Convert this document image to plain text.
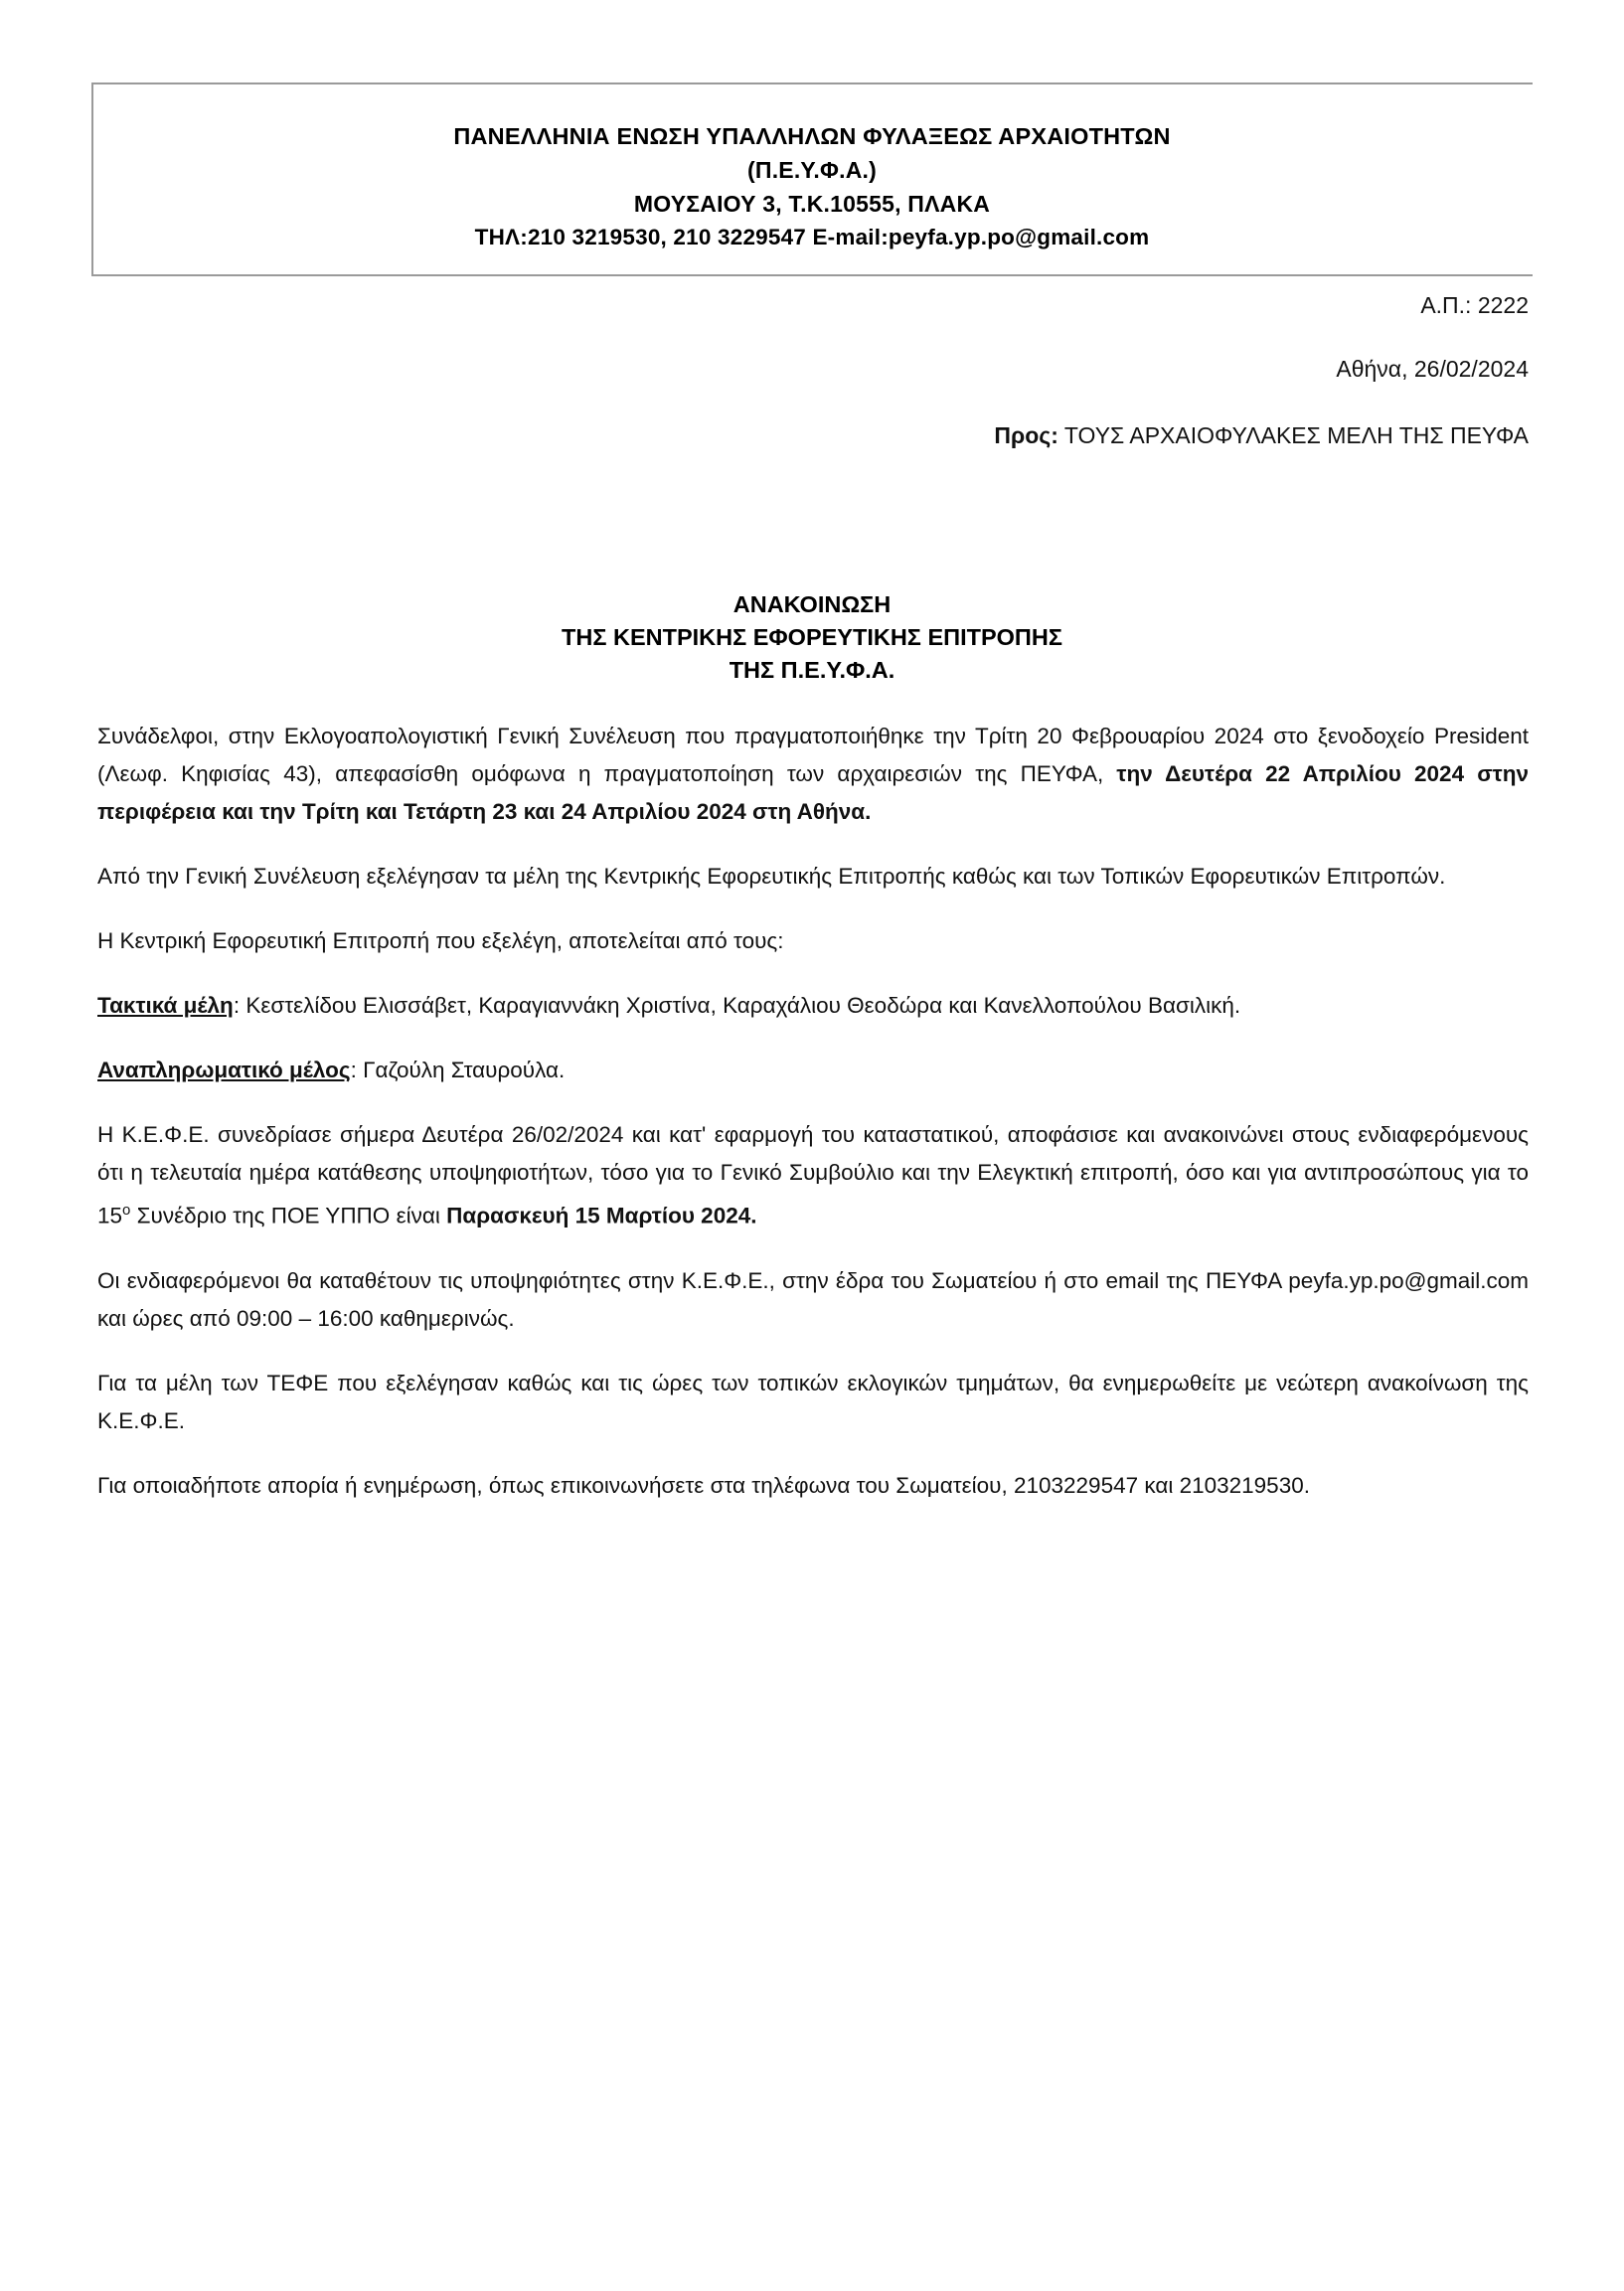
ΠΑΝΕΛΛΗΝΙΑ ΕΝΩΣΗ ΥΠΑΛΛΗΛΩΝ ΦΥΛΑΞΕΩΣ ΑΡΧΑΙΟΤΗΤΩΝ
(Π.Ε.Υ.Φ.Α.)
ΜΟΥΣΑΙΟΥ 3, Τ.Κ.10555, ΠΛΑΚΑ
ΤΗΛ:210 3219530, 210 3229547 E-mail:peyfa.yp.po@gmail.com
Α.Π.: 2222
Αθήνα, 26/02/2024
Προς: ΤΟΥΣ ΑΡΧΑΙΟΦΥΛΑΚΕΣ ΜΕΛΗ ΤΗΣ ΠΕΥΦΑ
ΑΝΑΚΟΙΝΩΣΗ
ΤΗΣ ΚΕΝΤΡΙΚΗΣ ΕΦΟΡΕΥΤΙΚΗΣ ΕΠΙΤΡΟΠΗΣ
ΤΗΣ Π.Ε.Υ.Φ.Α.

Συνάδελφοι, στην Εκλογοαπολογιστική Γενική Συνέλευση που πραγματοποιήθηκε την Τρίτη 20 Φεβρουαρίου 2024 στο ξενοδοχείο President (Λεωφ. Κηφισίας 43), απεφασίσθη ομόφωνα η πραγματοποίηση των αρχαιρεσιών της ΠΕΥΦΑ, την Δευτέρα 22 Απριλίου 2024 στην περιφέρεια και την Τρίτη και Τετάρτη 23 και 24 Απριλίου 2024 στη Αθήνα.

Από την Γενική Συνέλευση εξελέγησαν τα μέλη της Κεντρικής Εφορευτικής Επιτροπής καθώς και των Τοπικών Εφορευτικών Επιτροπών.

Η Κεντρική Εφορευτική Επιτροπή που εξελέγη, αποτελείται από τους:

Τακτικά μέλη: Κεστελίδου Ελισσάβετ, Καραγιαννάκη Χριστίνα, Καραχάλιου Θεοδώρα και Κανελλοπούλου Βασιλική.

Αναπληρωματικό μέλος: Γαζούλη Σταυρούλα.

Η Κ.Ε.Φ.Ε. συνεδρίασε σήμερα Δευτέρα 26/02/2024 και κατ' εφαρμογή του καταστατικού, αποφάσισε και ανακοινώνει στους ενδιαφερόμενους ότι η τελευταία ημέρα κατάθεσης υποψηφιοτήτων, τόσο για το Γενικό Συμβούλιο και την Ελεγκτική επιτροπή, όσο και για αντιπροσώπους για το $15^o$ Συνέδριο της ΠΟΕ ΥΠΠΟ είναι Παρασκευή 15 Μαρτίου 2024.

Οι ενδιαφερόμενοι θα καταθέτουν τις υποψηφιότητες στην Κ.Ε.Φ.Ε., στην έδρα του Σωματείου ή στο email της ΠΕΥΦΑ peyfa.yp.po@gmail.com και ώρες από 09:00 – 16:00 καθημερινώς.

Για τα μέλη των ΤΕΦΕ που εξελέγησαν καθώς και τις ώρες των τοπικών εκλογικών τμημάτων, θα ενημερωθείτε με νεώτερη ανακοίνωση της Κ.Ε.Φ.Ε.

Για οποιαδήποτε απορία ή ενημέρωση, όπως επικοινωνήσετε στα τηλέφωνα του Σωματείου, 2103229547 και 2103219530.
